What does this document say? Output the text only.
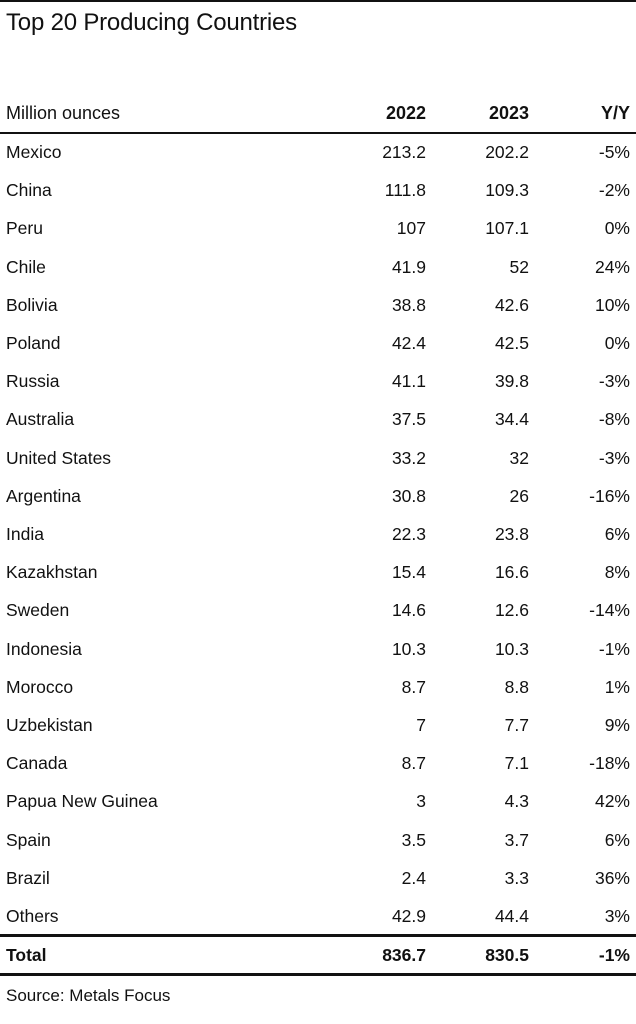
Top 20 Producing Countries
Million ounces	2022	2023	Y/Y
Mexico	213.2	202.2	-5%
China	111.8	109.3	-2%
Peru	107	107.1	0%
Chile	41.9	52	24%
Bolivia	38.8	42.6	10%
Poland	42.4	42.5	0%
Russia	41.1	39.8	-3%
Australia	37.5	34.4	-8%
United States	33.2	32	-3%
Argentina	30.8	26	-16%
India	22.3	23.8	6%
Kazakhstan	15.4	16.6	8%
Sweden	14.6	12.6	-14%
Indonesia	10.3	10.3	-1%
Morocco	8.7	8.8	1%
Uzbekistan	7	7.7	9%
Canada	8.7	7.1	-18%
Papua New Guinea	3	4.3	42%
Spain	3.5	3.7	6%
Brazil	2.4	3.3	36%
Others	42.9	44.4	3%
Total	836.7	830.5	-1%
Source: Metals Focus
